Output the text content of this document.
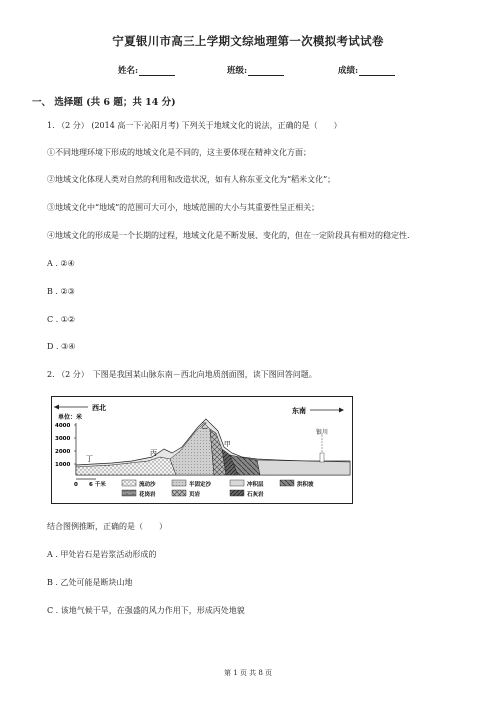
宁夏银川市高三上学期文综地理第一次模拟考试试卷
姓名:	班级:	成绩:
一、 选择题 (共 6 题；共 14 分)
1. （2 分） (2014 高一下·沁阳月考) 下列关于地域文化的说法，正确的是（　　）
①不同地理环境下形成的地域文化是不同的，这主要体现在精神文化方面；
②地域文化体现人类对自然的利用和改造状况，如有人称东亚文化为“稻米文化”；
③地域文化中“地域”的范围可大可小，地域范围的大小与其重要性呈正相关；
④地域文化的形成是一个长期的过程，地域文化是不断发展、变化的，但在一定阶段具有相对的稳定性.
A . ②④
B . ②③
C . ①②
D . ③④
2. （2 分）　下图是我国某山脉东南－西北向地质剖面图，读下图回答问题。
西北	东南
单位：米
4000
3000
2000
1000
乙
丙
甲
丁
银川
0 6 千米	流动沙	半固定沙	冲积层	洪积坡
花岗岩	页岩	石灰岩
结合图例推断，正确的是（　　）
A . 甲处岩石是岩浆活动形成的
B . 乙处可能是断块山地
C . 该地气候干旱，在强盛的风力作用下，形成丙处地貌
第 1 页 共 8 页
